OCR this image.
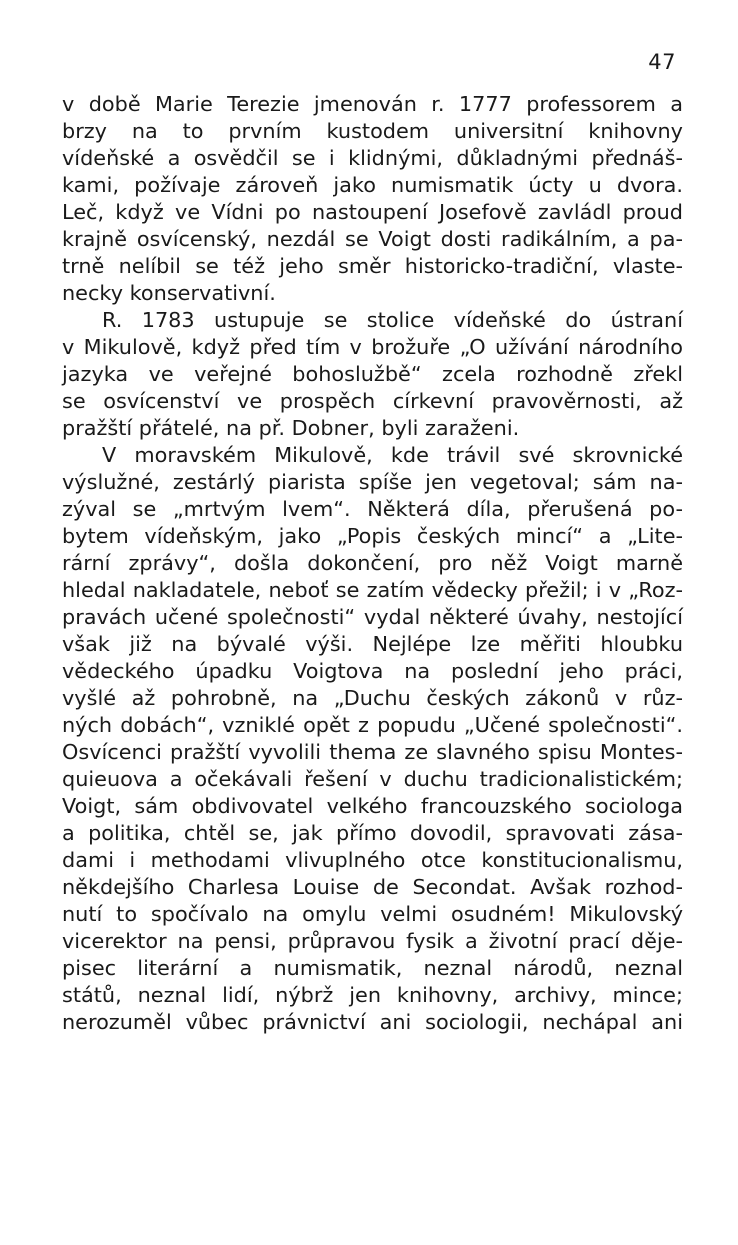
47
v době Marie Terezie jmenován r. 1777 professorem a
brzy na to prvním kustodem universitní knihovny
vídeňské a osvědčil se i klidnými, důkladnými přednáš-
kami, požívaje zároveň jako numismatik úcty u dvora.
Leč, když ve Vídni po nastoupení Josefově zavládl proud
krajně osvícenský, nezdál se Voigt dosti radikálním, a pa-
trně nelíbil se též jeho směr historicko-tradiční, vlaste-
necky konservativní.
R. 1783 ustupuje se stolice vídeňské do ústraní
v Mikulově, když před tím v brožuře „O užívání národního
jazyka ve veřejné bohoslužbě“ zcela rozhodně zřekl
se osvícenství ve prospěch církevní pravověrnosti, až
pražští přátelé, na př. Dobner, byli zaraženi.
V moravském Mikulově, kde trávil své skrovnické
výslužné, zestárlý piarista spíše jen vegetoval; sám na-
zýval se „mrtvým lvem“. Některá díla, přerušená po-
bytem vídeňským, jako „Popis českých mincí“ a „Lite-
rární zprávy“, došla dokončení, pro něž Voigt marně
hledal nakladatele, neboť se zatím vědecky přežil; i v „Roz-
pravách učené společnosti“ vydal některé úvahy, nestojící
však již na bývalé výši. Nejlépe lze měřiti hloubku
vědeckého úpadku Voigtova na poslední jeho práci,
vyšlé až pohrobně, na „Duchu českých zákonů v růz-
ných dobách“, vzniklé opět z popudu „Učené společnosti“.
Osvícenci pražští vyvolili thema ze slavného spisu Montes-
quieuova a očekávali řešení v duchu tradicionalistickém;
Voigt, sám obdivovatel velkého francouzského sociologa
a politika, chtěl se, jak přímo dovodil, spravovati zása-
dami i methodami vlivuplného otce konstitucionalismu,
někdejšího Charlesa Louise de Secondat. Avšak rozhod-
nutí to spočívalo na omylu velmi osudném! Mikulovský
vicerektor na pensi, průpravou fysik a životní prací děje-
pisec literární a numismatik, neznal národů, neznal
států, neznal lidí, nýbrž jen knihovny, archivy, mince;
nerozuměl vůbec právnictví ani sociologii, nechápal ani
